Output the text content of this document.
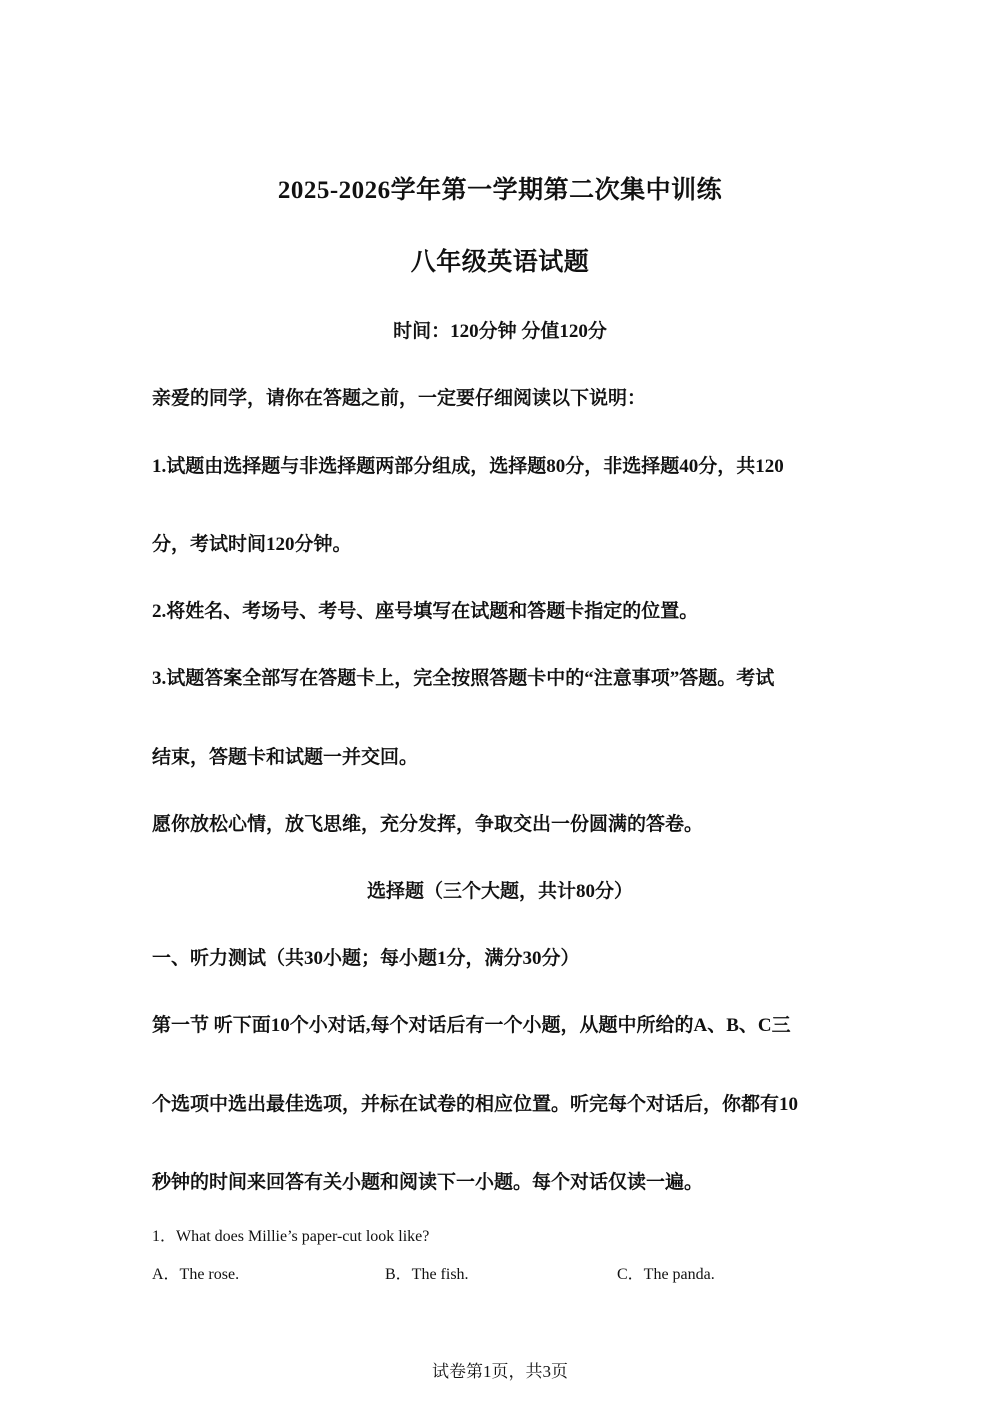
2025-2026学年第一学期第二次集中训练
八年级英语试题
时间：120分钟 分值120分
亲爱的同学，请你在答题之前，一定要仔细阅读以下说明：
1.试题由选择题与非选择题两部分组成，选择题80分，非选择题40分，共120
分，考试时间120分钟。
2.将姓名、考场号、考号、座号填写在试题和答题卡指定的位置。
3.试题答案全部写在答题卡上，完全按照答题卡中的“注意事项”答题。考试
结束，答题卡和试题一并交回。
愿你放松心情，放飞思维，充分发挥，争取交出一份圆满的答卷。
选择题（三个大题，共计80分）
一、听力测试（共30小题；每小题1分，满分30分）
第一节 听下面10个小对话,每个对话后有一个小题，从题中所给的A、B、C三
个选项中选出最佳选项，并标在试卷的相应位置。听完每个对话后，你都有10
秒钟的时间来回答有关小题和阅读下一小题。每个对话仅读一遍。
1．What does Millie’s paper-cut look like?
A．The rose.	B．The fish.	C．The panda.
试卷第1页，共3页
